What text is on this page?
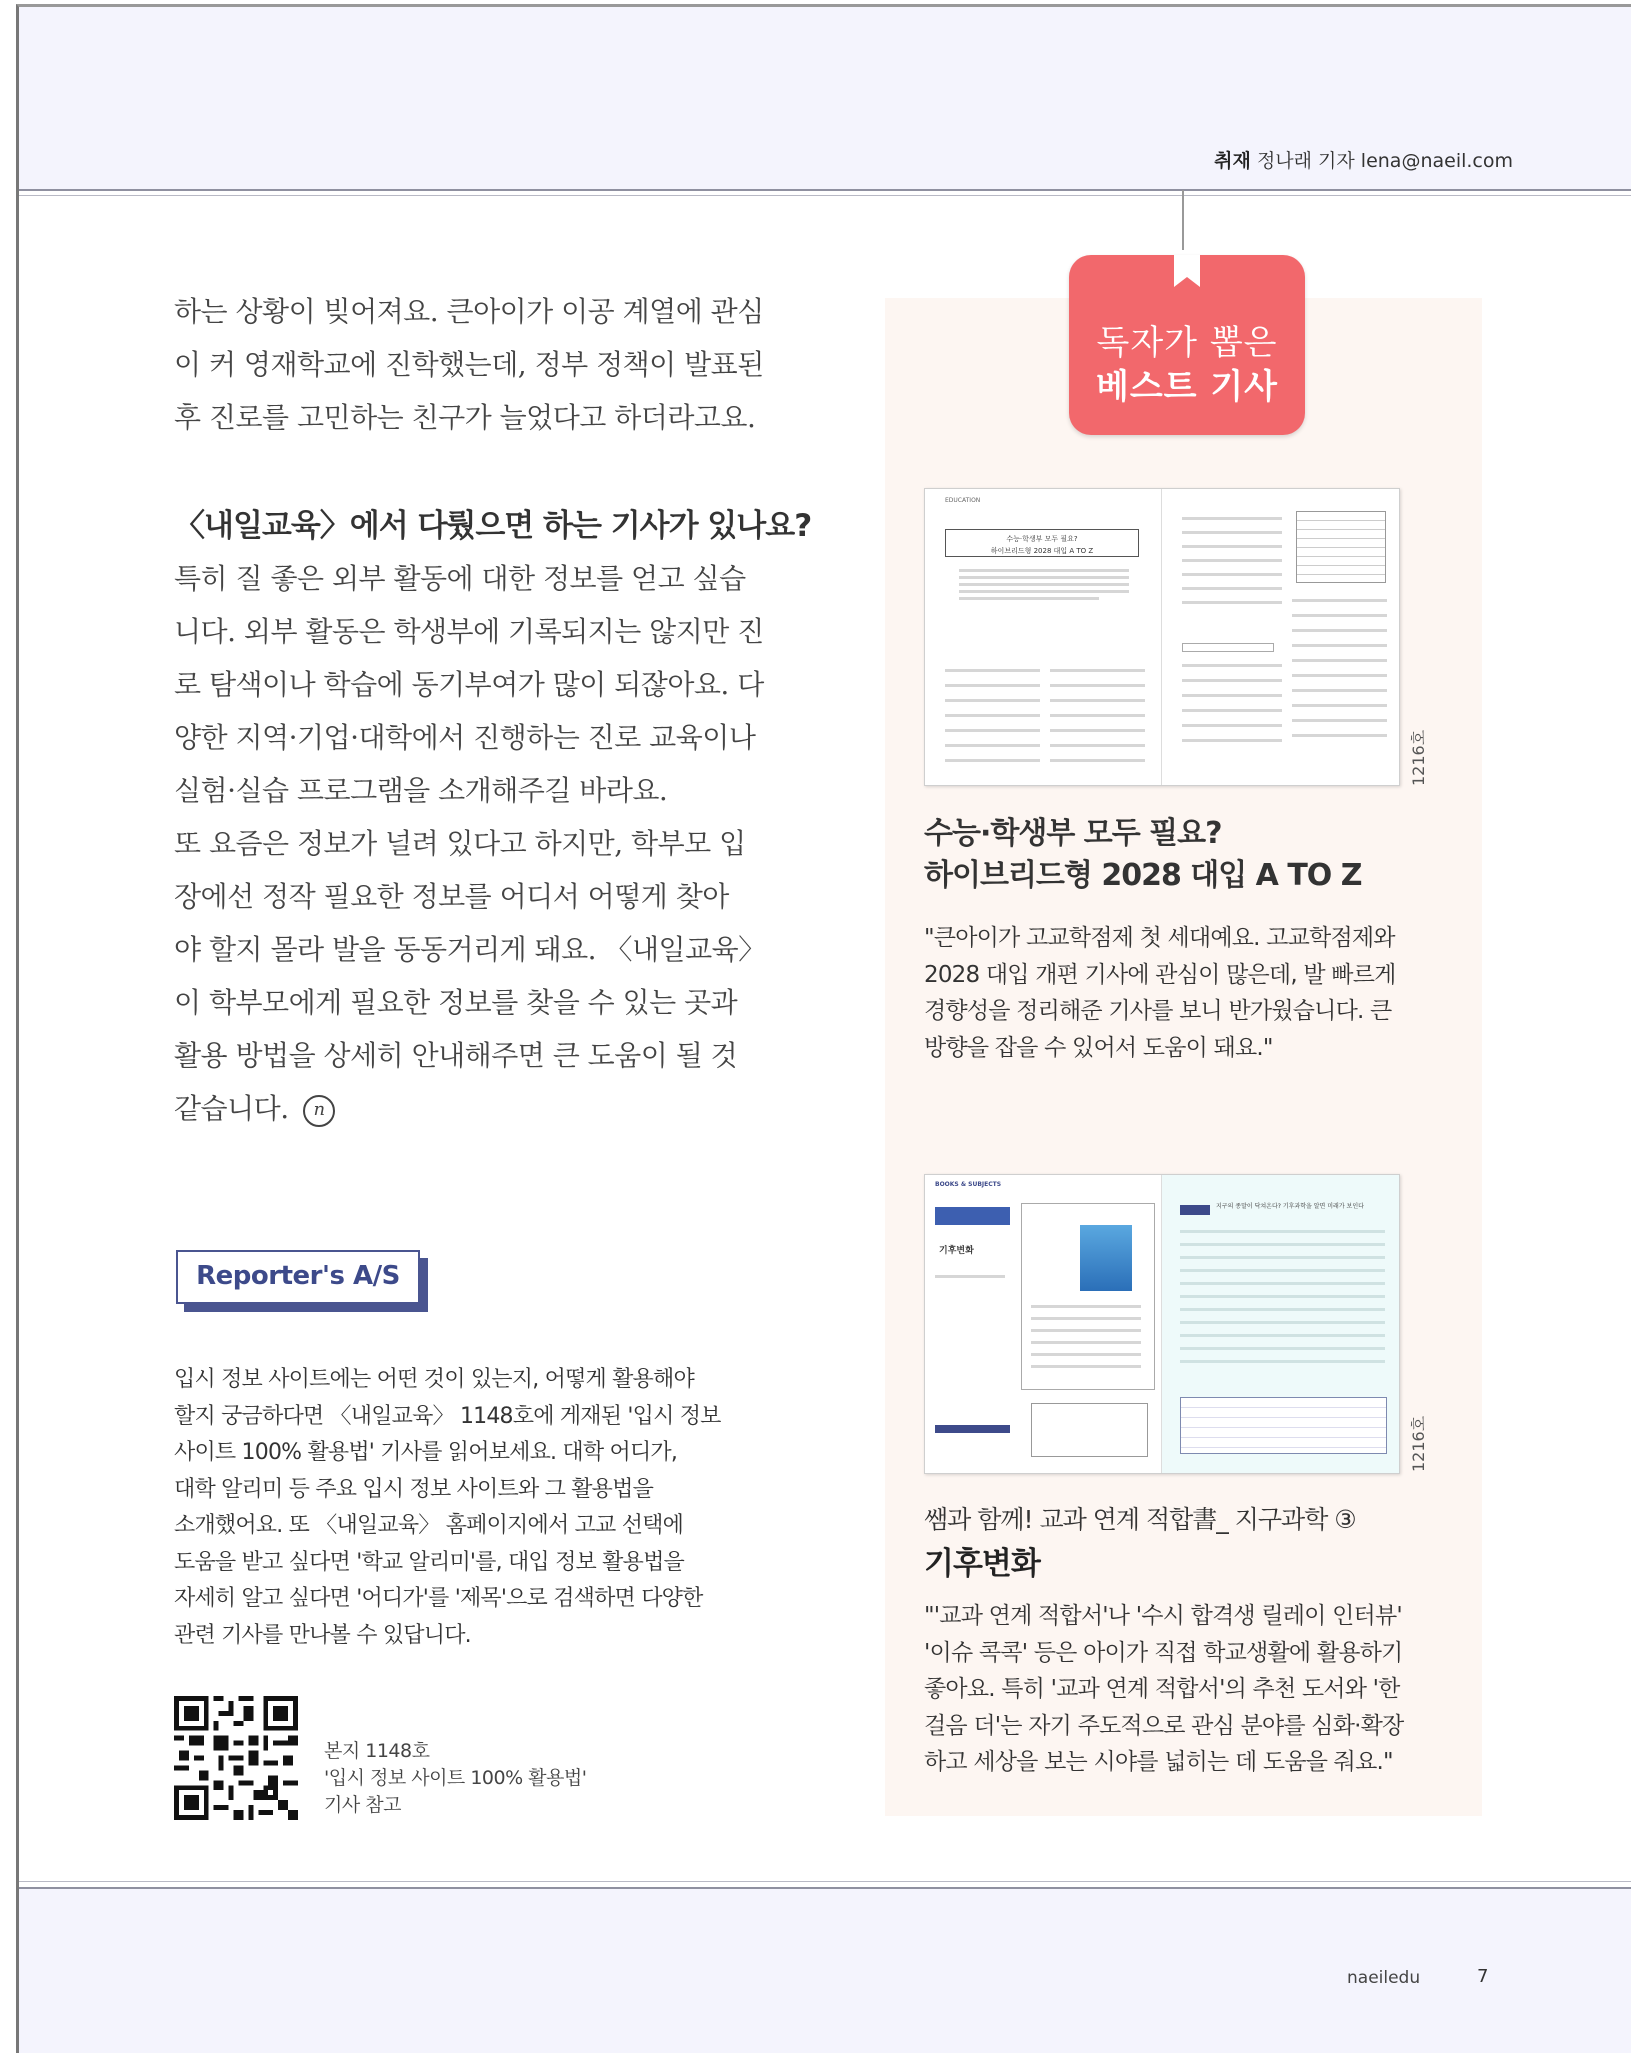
취재 정나래 기자 lena@naeil.com
하는 상황이 빚어져요. 큰아이가 이공 계열에 관심
이 커 영재학교에 진학했는데, 정부 정책이 발표된
후 진로를 고민하는 친구가 늘었다고 하더라고요.
〈내일교육〉에서 다뤘으면 하는 기사가 있나요?
특히 질 좋은 외부 활동에 대한 정보를 얻고 싶습
니다. 외부 활동은 학생부에 기록되지는 않지만 진
로 탐색이나 학습에 동기부여가 많이 되잖아요. 다
양한 지역·기업·대학에서 진행하는 진로 교육이나
실험·실습 프로그램을 소개해주길 바라요.
또 요즘은 정보가 널려 있다고 하지만, 학부모 입
장에선 정작 필요한 정보를 어디서 어떻게 찾아
야 할지 몰라 발을 동동거리게 돼요. 〈내일교육〉
이 학부모에게 필요한 정보를 찾을 수 있는 곳과
활용 방법을 상세히 안내해주면 큰 도움이 될 것
같습니다. n
Reporter's A/S
입시 정보 사이트에는 어떤 것이 있는지, 어떻게 활용해야
할지 궁금하다면 〈내일교육〉 1148호에 게재된 '입시 정보
사이트 100% 활용법' 기사를 읽어보세요. 대학 어디가,
대학 알리미 등 주요 입시 정보 사이트와 그 활용법을
소개했어요. 또 〈내일교육〉 홈페이지에서 고교 선택에
도움을 받고 싶다면 '학교 알리미'를, 대입 정보 활용법을
자세히 알고 싶다면 '어디가'를 '제목'으로 검색하면 다양한
관련 기사를 만나볼 수 있답니다.
본지 1148호
'입시 정보 사이트 100% 활용법'
기사 참고
독자가 뽑은
베스트 기사
EDUCATION
수능·학생부 모두 필요?
하이브리드형 2028 대입 A TO Z
1216호
수능·학생부 모두 필요?
하이브리드형 2028 대입 A TO Z
"큰아이가 고교학점제 첫 세대예요. 고교학점제와
2028 대입 개편 기사에 관심이 많은데, 발 빠르게
경향성을 정리해준 기사를 보니 반가웠습니다. 큰
방향을 잡을 수 있어서 도움이 돼요."
BOOKS & SUBJECTS
기후변화
지구의 종말이 닥쳐온다? 기후과학을 알면 미래가 보인다
1216호
쌤과 함께! 교과 연계 적합書_ 지구과학 ③
기후변화
"'교과 연계 적합서'나 '수시 합격생 릴레이 인터뷰'
'이슈 콕콕' 등은 아이가 직접 학교생활에 활용하기
좋아요. 특히 '교과 연계 적합서'의 추천 도서와 '한
걸음 더'는 자기 주도적으로 관심 분야를 심화·확장
하고 세상을 보는 시야를 넓히는 데 도움을 줘요."
naeiledu	7
